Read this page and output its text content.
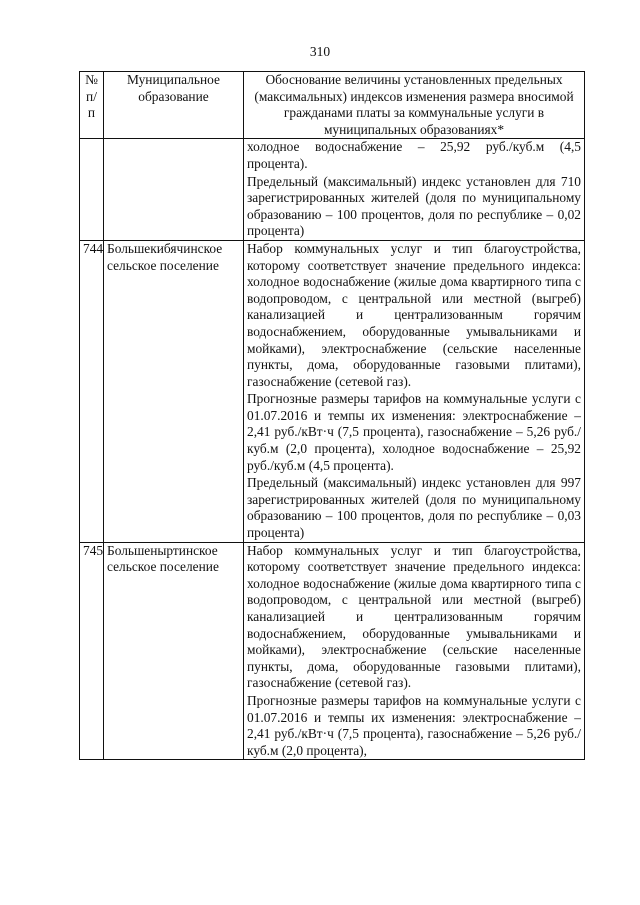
310
№ п/п	Муниципальное образование	Обоснование величины установленных предельных (максимальных) индексов изменения размера вносимой гражданами платы за коммунальные услуги в муниципальных образованиях*

		холодное водоснабжение – 25,92 руб./куб.м (4,5 процента).

Предельный (максимальный) индекс установлен для 710 зарегистрированных жителей (доля по муниципальному образованию – 100 процентов, доля по республике – 0,02 процента)

744	Большекибячинское сельское поселение	Набор коммунальных услуг и тип благоустройства, которому соответствует значение предельного индекса: холодное водоснабжение (жилые дома квартирного типа с водопроводом, с центральной или местной (выгреб) канализацией и централизованным горячим водоснабжением, оборудованные умывальниками и мойками), электроснабжение (сельские населенные пункты, дома, оборудованные газовыми плитами), газоснабжение (сетевой газ).

Прогнозные размеры тарифов на коммунальные услуги с 01.07.2016 и темпы их изменения: электроснабжение – 2,41 руб./кВт·ч (7,5 процента), газоснабжение – 5,26 руб./куб.м (2,0 процента), холодное водоснабжение – 25,92 руб./куб.м (4,5 процента).

Предельный (максимальный) индекс установлен для 997 зарегистрированных жителей (доля по муниципальному образованию – 100 процентов, доля по республике – 0,03 процента)

745	Большеныртинское сельское поселение	Набор коммунальных услуг и тип благоустройства, которому соответствует значение предельного индекса: холодное водоснабжение (жилые дома квартирного типа с водопроводом, с центральной или местной (выгреб) канализацией и централизованным горячим водоснабжением, оборудованные умывальниками и мойками), электроснабжение (сельские населенные пункты, дома, оборудованные газовыми плитами), газоснабжение (сетевой газ).

Прогнозные размеры тарифов на коммунальные услуги с 01.07.2016 и темпы их изменения: электроснабжение – 2,41 руб./кВт·ч (7,5 процента), газоснабжение – 5,26 руб./куб.м (2,0 процента),
